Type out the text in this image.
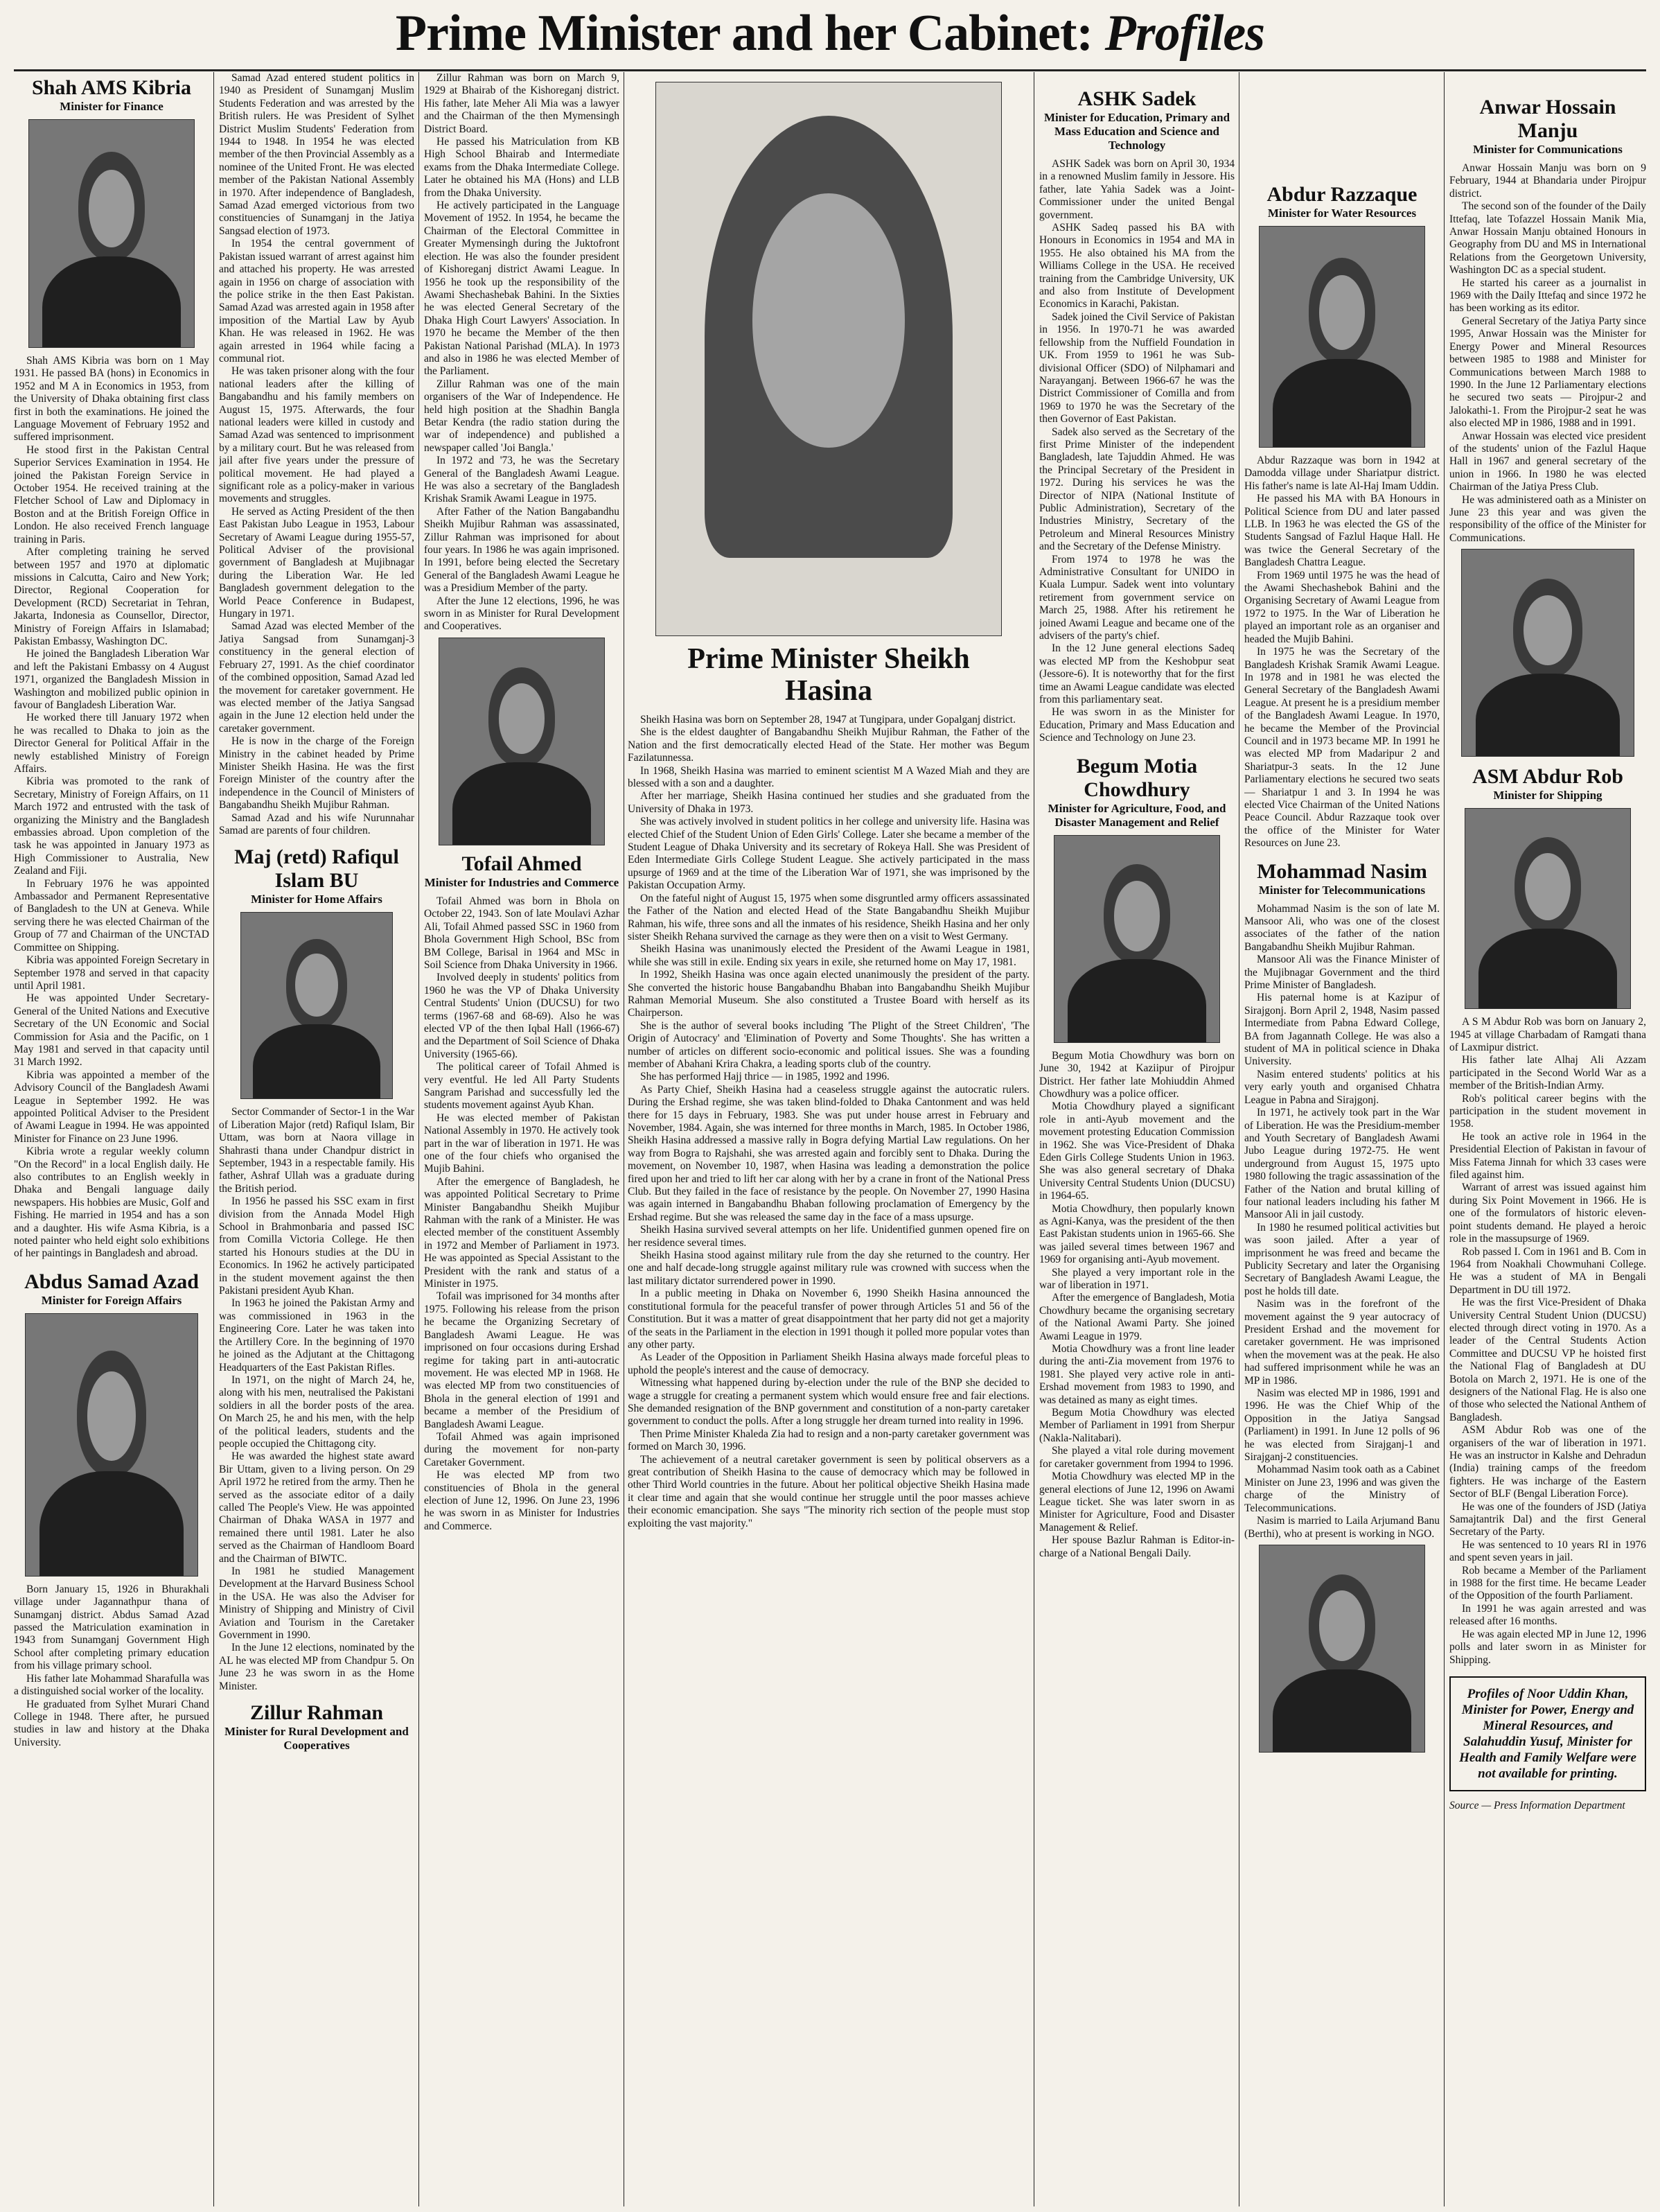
Prime Minister and her Cabinet: Profiles
Shah AMS Kibria
Minister for Finance

Shah AMS Kibria was born on 1 May 1931. He passed BA (hons) in Economics in 1952 and M A in Economics in 1953, from the University of Dhaka obtaining first class first in both the examinations. He joined the Language Movement of February 1952 and suffered imprisonment.

He stood first in the Pakistan Central Superior Services Examination in 1954. He joined the Pakistan Foreign Service in October 1954. He received training at the Fletcher School of Law and Diplomacy in Boston and at the British Foreign Office in London. He also received French language training in Paris.

After completing training he served between 1957 and 1970 at diplomatic missions in Calcutta, Cairo and New York; Director, Regional Cooperation for Development (RCD) Secretariat in Tehran, Jakarta, Indonesia as Counsellor, Director, Ministry of Foreign Affairs in Islamabad; Pakistan Embassy, Washington DC.

He joined the Bangladesh Liberation War and left the Pakistani Embassy on 4 August 1971, organized the Bangladesh Mission in Washington and mobilized public opinion in favour of Bangladesh Liberation War.

He worked there till January 1972 when he was recalled to Dhaka to join as the Director General for Political Affair in the newly established Ministry of Foreign Affairs.

Kibria was promoted to the rank of Secretary, Ministry of Foreign Affairs, on 11 March 1972 and entrusted with the task of organizing the Ministry and the Bangladesh embassies abroad. Upon completion of the task he was appointed in January 1973 as High Commissioner to Australia, New Zealand and Fiji.

In February 1976 he was appointed Ambassador and Permanent Representative of Bangladesh to the UN at Geneva. While serving there he was elected Chairman of the Group of 77 and Chairman of the UNCTAD Committee on Shipping.

Kibria was appointed Foreign Secretary in September 1978 and served in that capacity until April 1981.

He was appointed Under Secretary-General of the United Nations and Executive Secretary of the UN Economic and Social Commission for Asia and the Pacific, on 1 May 1981 and served in that capacity until 31 March 1992.

Kibria was appointed a member of the Advisory Council of the Bangladesh Awami League in September 1992. He was appointed Political Adviser to the President of Awami League in 1994. He was appointed Minister for Finance on 23 June 1996.

Kibria wrote a regular weekly column "On the Record" in a local English daily. He also contributes to an English weekly in Dhaka and Bengali language daily newspapers. His hobbies are Music, Golf and Fishing. He married in 1954 and has a son and a daughter. His wife Asma Kibria, is a noted painter who held eight solo exhibitions of her paintings in Bangladesh and abroad.

Abdus Samad Azad
Minister for Foreign Affairs

Born January 15, 1926 in Bhurakhali village under Jagannathpur thana of Sunamganj district. Abdus Samad Azad passed the Matriculation examination in 1943 from Sunamganj Government High School after completing primary education from his village primary school.

His father late Mohammad Sharafulla was a distinguished social worker of the locality.

He graduated from Sylhet Murari Chand College in 1948. There after, he pursued studies in law and history at the Dhaka University.

Samad Azad entered student politics in 1940 as President of Sunamganj Muslim Students Federation and was arrested by the British rulers. He was President of Sylhet District Muslim Students' Federation from 1944 to 1948. In 1954 he was elected member of the then Provincial Assembly as a nominee of the United Front. He was elected member of the Pakistan National Assembly in 1970. After independence of Bangladesh, Samad Azad emerged victorious from two constituencies of Sunamganj in the Jatiya Sangsad election of 1973.

In 1954 the central government of Pakistan issued warrant of arrest against him and attached his property. He was arrested again in 1956 on charge of association with the police strike in the then East Pakistan. Samad Azad was arrested again in 1958 after imposition of the Martial Law by Ayub Khan. He was released in 1962. He was again arrested in 1964 while facing a communal riot.

He was taken prisoner along with the four national leaders after the killing of Bangabandhu and his family members on August 15, 1975. Afterwards, the four national leaders were killed in custody and Samad Azad was sentenced to imprisonment by a military court. But he was released from jail after five years under the pressure of political movement. He had played a significant role as a policy-maker in various movements and struggles.

He served as Acting President of the then East Pakistan Jubo League in 1953, Labour Secretary of Awami League during 1955-57, Political Adviser of the provisional government of Bangladesh at Mujibnagar during the Liberation War. He led Bangladesh government delegation to the World Peace Conference in Budapest, Hungary in 1971.

Samad Azad was elected Member of the Jatiya Sangsad from Sunamganj-3 constituency in the general election of February 27, 1991. As the chief coordinator of the combined opposition, Samad Azad led the movement for caretaker government. He was elected member of the Jatiya Sangsad again in the June 12 election held under the caretaker government.

He is now in the charge of the Foreign Ministry in the cabinet headed by Prime Minister Sheikh Hasina. He was the first Foreign Minister of the country after the independence in the Council of Ministers of Bangabandhu Sheikh Mujibur Rahman.

Samad Azad and his wife Nurunnahar Samad are parents of four children.

Maj (retd) Rafiqul Islam BU
Minister for Home Affairs

Sector Commander of Sector-1 in the War of Liberation Major (retd) Rafiqul Islam, Bir Uttam, was born at Naora village in Shahrasti thana under Chandpur district in September, 1943 in a respectable family. His father, Ashraf Ullah was a graduate during the British period.

In 1956 he passed his SSC exam in first division from the Annada Model High School in Brahmonbaria and passed ISC from Comilla Victoria College. He then started his Honours studies at the DU in Economics. In 1962 he actively participated in the student movement against the then Pakistani president Ayub Khan.

In 1963 he joined the Pakistan Army and was commissioned in 1963 in the Engineering Core. Later he was taken into the Artillery Core. In the beginning of 1970 he joined as the Adjutant at the Chittagong Headquarters of the East Pakistan Rifles.

In 1971, on the night of March 24, he, along with his men, neutralised the Pakistani soldiers in all the border posts of the area. On March 25, he and his men, with the help of the political leaders, students and the people occupied the Chittagong city.

He was awarded the highest state award Bir Uttam, given to a living person. On 29 April 1972 he retired from the army. Then he served as the associate editor of a daily called The People's View. He was appointed Chairman of Dhaka WASA in 1977 and remained there until 1981. Later he also served as the Chairman of Handloom Board and the Chairman of BIWTC.

In 1981 he studied Management Development at the Harvard Business School in the USA. He was also the Adviser for Ministry of Shipping and Ministry of Civil Aviation and Tourism in the Caretaker Government in 1990.

In the June 12 elections, nominated by the AL he was elected MP from Chandpur 5. On June 23 he was sworn in as the Home Minister.

Zillur Rahman
Minister for Rural Development and Cooperatives

Zillur Rahman was born on March 9, 1929 at Bhairab of the Kishoreganj district. His father, late Meher Ali Mia was a lawyer and the Chairman of the then Mymensingh District Board.

He passed his Matriculation from KB High School Bhairab and Intermediate exams from the Dhaka Intermediate College. Later he obtained his MA (Hons) and LLB from the Dhaka University.

He actively participated in the Language Movement of 1952. In 1954, he became the Chairman of the Electoral Committee in Greater Mymensingh during the Juktofront election. He was also the founder president of Kishoreganj district Awami League. In 1956 he took up the responsibility of the Awami Shechashebak Bahini. In the Sixties he was elected General Secretary of the Dhaka High Court Lawyers' Association. In 1970 he became the Member of the then Pakistan National Parishad (MLA). In 1973 and also in 1986 he was elected Member of the Parliament.

Zillur Rahman was one of the main organisers of the War of Independence. He held high position at the Shadhin Bangla Betar Kendra (the radio station during the war of independence) and published a newspaper called 'Joi Bangla.'

In 1972 and '73, he was the Secretary General of the Bangladesh Awami League. He was also a secretary of the Bangladesh Krishak Sramik Awami League in 1975.

After Father of the Nation Bangabandhu Sheikh Mujibur Rahman was assassinated, Zillur Rahman was imprisoned for about four years. In 1986 he was again imprisoned. In 1991, before being elected the Secretary General of the Bangladesh Awami League he was a Presidium Member of the party.

After the June 12 elections, 1996, he was sworn in as Minister for Rural Development and Cooperatives.

Tofail Ahmed
Minister for Industries and Commerce

Tofail Ahmed was born in Bhola on October 22, 1943. Son of late Moulavi Azhar Ali, Tofail Ahmed passed SSC in 1960 from Bhola Government High School, BSc from BM College, Barisal in 1964 and MSc in Soil Science from Dhaka University in 1966.

Involved deeply in students' politics from 1960 he was the VP of Dhaka University Central Students' Union (DUCSU) for two terms (1967-68 and 68-69). Also he was elected VP of the then Iqbal Hall (1966-67) and the Department of Soil Science of Dhaka University (1965-66).

The political career of Tofail Ahmed is very eventful. He led All Party Students Sangram Parishad and successfully led the students movement against Ayub Khan.

He was elected member of Pakistan National Assembly in 1970. He actively took part in the war of liberation in 1971. He was one of the four chiefs who organised the Mujib Bahini.

After the emergence of Bangladesh, he was appointed Political Secretary to Prime Minister Bangabandhu Sheikh Mujibur Rahman with the rank of a Minister. He was elected member of the constituent Assembly in 1972 and Member of Parliament in 1973. He was appointed as Special Assistant to the President with the rank and status of a Minister in 1975.

Tofail was imprisoned for 34 months after 1975. Following his release from the prison he became the Organizing Secretary of Bangladesh Awami League. He was imprisoned on four occasions during Ershad regime for taking part in anti-autocratic movement. He was elected MP in 1968. He was elected MP from two constituencies of Bhola in the general election of 1991 and became a member of the Presidium of Bangladesh Awami League.

Tofail Ahmed was again imprisoned during the movement for non-party Caretaker Government.

He was elected MP from two constituencies of Bhola in the general election of June 12, 1996. On June 23, 1996 he was sworn in as Minister for Industries and Commerce.

Prime Minister Sheikh Hasina

Sheikh Hasina was born on September 28, 1947 at Tungipara, under Gopalganj district.

She is the eldest daughter of Bangabandhu Sheikh Mujibur Rahman, the Father of the Nation and the first democratically elected Head of the State. Her mother was Begum Fazilatunnessa.

In 1968, Sheikh Hasina was married to eminent scientist M A Wazed Miah and they are blessed with a son and a daughter.

After her marriage, Sheikh Hasina continued her studies and she graduated from the University of Dhaka in 1973.

She was actively involved in student politics in her college and university life. Hasina was elected Chief of the Student Union of Eden Girls' College. Later she became a member of the Student League of Dhaka University and its secretary of Rokeya Hall. She was President of Eden Intermediate Girls College Student League. She actively participated in the mass upsurge of 1969 and at the time of the Liberation War of 1971, she was imprisoned by the Pakistan Occupation Army.

On the fateful night of August 15, 1975 when some disgruntled army officers assassinated the Father of the Nation and elected Head of the State Bangabandhu Sheikh Mujibur Rahman, his wife, three sons and all the inmates of his residence, Sheikh Hasina and her only sister Sheikh Rehana survived the carnage as they were then on a visit to West Germany.

Sheikh Hasina was unanimously elected the President of the Awami League in 1981, while she was still in exile. Ending six years in exile, she returned home on May 17, 1981.

In 1992, Sheikh Hasina was once again elected unanimously the president of the party. She converted the historic house Bangabandhu Bhaban into Bangabandhu Sheikh Mujibur Rahman Memorial Museum. She also constituted a Trustee Board with herself as its Chairperson.

She is the author of several books including 'The Plight of the Street Children', 'The Origin of Autocracy' and 'Elimination of Poverty and Some Thoughts'. She has written a number of articles on different socio-economic and political issues. She was a founding member of Abahani Krira Chakra, a leading sports club of the country.

She has performed Hajj thrice — in 1985, 1992 and 1996.

As Party Chief, Sheikh Hasina had a ceaseless struggle against the autocratic rulers. During the Ershad regime, she was taken blind-folded to Dhaka Cantonment and was held there for 15 days in February, 1983. She was put under house arrest in February and November, 1984. Again, she was interned for three months in March, 1985. In October 1986, Sheikh Hasina addressed a massive rally in Bogra defying Martial Law regulations. On her way from Bogra to Rajshahi, she was arrested again and forcibly sent to Dhaka. During the movement, on November 10, 1987, when Hasina was leading a demonstration the police fired upon her and tried to lift her car along with her by a crane in front of the National Press Club. But they failed in the face of resistance by the people. On November 27, 1990 Hasina was again interned in Bangabandhu Bhaban following proclamation of Emergency by the Ershad regime. But she was released the same day in the face of a mass upsurge.

Sheikh Hasina survived several attempts on her life. Unidentified gunmen opened fire on her residence several times.

Sheikh Hasina stood against military rule from the day she returned to the country. Her one and half decade-long struggle against military rule was crowned with success when the last military dictator surrendered power in 1990.

In a public meeting in Dhaka on November 6, 1990 Sheikh Hasina announced the constitutional formula for the peaceful transfer of power through Articles 51 and 56 of the Constitution. But it was a matter of great disappointment that her party did not get a majority of the seats in the Parliament in the election in 1991 though it polled more popular votes than any other party.

As Leader of the Opposition in Parliament Sheikh Hasina always made forceful pleas to uphold the people's interest and the cause of democracy.

Witnessing what happened during by-election under the rule of the BNP she decided to wage a struggle for creating a permanent system which would ensure free and fair elections. She demanded resignation of the BNP government and constitution of a non-party caretaker government to conduct the polls. After a long struggle her dream turned into reality in 1996.

Then Prime Minister Khaleda Zia had to resign and a non-party caretaker government was formed on March 30, 1996.

The achievement of a neutral caretaker government is seen by political observers as a great contribution of Sheikh Hasina to the cause of democracy which may be followed in other Third World countries in the future. About her political objective Sheikh Hasina made it clear time and again that she would continue her struggle until the poor masses achieve their economic emancipation. She says "The minority rich section of the people must stop exploiting the vast majority."

ASHK Sadek
Minister for Education, Primary and Mass Education and Science and Technology

ASHK Sadek was born on April 30, 1934 in a renowned Muslim family in Jessore. His father, late Yahia Sadek was a Joint-Commissioner under the united Bengal government.

ASHK Sadeq passed his BA with Honours in Economics in 1954 and MA in 1955. He also obtained his MA from the Williams College in the USA. He received training from the Cambridge University, UK and also from Institute of Development Economics in Karachi, Pakistan.

Sadek joined the Civil Service of Pakistan in 1956. In 1970-71 he was awarded fellowship from the Nuffield Foundation in UK. From 1959 to 1961 he was Sub-divisional Officer (SDO) of Nilphamari and Narayanganj. Between 1966-67 he was the District Commissioner of Comilla and from 1969 to 1970 he was the Secretary of the then Governor of East Pakistan.

Sadek also served as the Secretary of the first Prime Minister of the independent Bangladesh, late Tajuddin Ahmed. He was the Principal Secretary of the President in 1972. During his services he was the Director of NIPA (National Institute of Public Administration), Secretary of the Industries Ministry, Secretary of the Petroleum and Mineral Resources Ministry and the Secretary of the Defense Ministry.

From 1974 to 1978 he was the Administrative Consultant for UNIDO in Kuala Lumpur. Sadek went into voluntary retirement from government service on March 25, 1988. After his retirement he joined Awami League and became one of the advisers of the party's chief.

In the 12 June general elections Sadeq was elected MP from the Keshobpur seat (Jessore-6). It is noteworthy that for the first time an Awami League candidate was elected from this parliamentary seat.

He was sworn in as the Minister for Education, Primary and Mass Education and Science and Technology on June 23.

Begum Motia Chowdhury
Minister for Agriculture, Food, and Disaster Management and Relief

Begum Motia Chowdhury was born on June 30, 1942 at Kaziipur of Pirojpur District. Her father late Mohiuddin Ahmed Chowdhury was a police officer.

Motia Chowdhury played a significant role in anti-Ayub movement and the movement protesting Education Commission in 1962. She was Vice-President of Dhaka Eden Girls College Students Union in 1963. She was also general secretary of Dhaka University Central Students Union (DUCSU) in 1964-65.

Motia Chowdhury, then popularly known as Agni-Kanya, was the president of the then East Pakistan students union in 1965-66. She was jailed several times between 1967 and 1969 for organising anti-Ayub movement.

She played a very important role in the war of liberation in 1971.

After the emergence of Bangladesh, Motia Chowdhury became the organising secretary of the National Awami Party. She joined Awami League in 1979.

Motia Chowdhury was a front line leader during the anti-Zia movement from 1976 to 1981. She played very active role in anti-Ershad movement from 1983 to 1990, and was detained as many as eight times.

Begum Motia Chowdhury was elected Member of Parliament in 1991 from Sherpur (Nakla-Nalitabari).

She played a vital role during movement for caretaker government from 1994 to 1996.

Motia Chowdhury was elected MP in the general elections of June 12, 1996 on Awami League ticket. She was later sworn in as Minister for Agriculture, Food and Disaster Management & Relief.

Her spouse Bazlur Rahman is Editor-in-charge of a National Bengali Daily.

Abdur Razzaque
Minister for Water Resources

Abdur Razzaque was born in 1942 at Damodda village under Shariatpur district. His father's name is late Al-Haj Imam Uddin.

He passed his MA with BA Honours in Political Science from DU and later passed LLB. In 1963 he was elected the GS of the Students Sangsad of Fazlul Haque Hall. He was twice the General Secretary of the Bangladesh Chattra League.

From 1969 until 1975 he was the head of the Awami Shechashebok Bahini and the Organising Secretary of Awami League from 1972 to 1975. In the War of Liberation he played an important role as an organiser and headed the Mujib Bahini.

In 1975 he was the Secretary of the Bangladesh Krishak Sramik Awami League. In 1978 and in 1981 he was elected the General Secretary of the Bangladesh Awami League. At present he is a presidium member of the Bangladesh Awami League. In 1970, he became the Member of the Provincial Council and in 1973 became MP. In 1991 he was elected MP from Madaripur 2 and Shariatpur-3 seats. In the 12 June Parliamentary elections he secured two seats — Shariatpur 1 and 3. In 1994 he was elected Vice Chairman of the United Nations Peace Council. Abdur Razzaque took over the office of the Minister for Water Resources on June 23.

Mohammad Nasim
Minister for Telecommunications

Mohammad Nasim is the son of late M. Mansoor Ali, who was one of the closest associates of the father of the nation Bangabandhu Sheikh Mujibur Rahman.

Mansoor Ali was the Finance Minister of the Mujibnagar Government and the third Prime Minister of Bangladesh.

His paternal home is at Kazipur of Sirajgonj. Born April 2, 1948, Nasim passed Intermediate from Pabna Edward College, BA from Jagannath College. He was also a student of MA in political science in Dhaka University.

Nasim entered students' politics at his very early youth and organised Chhatra League in Pabna and Sirajgonj.

In 1971, he actively took part in the War of Liberation. He was the Presidium-member and Youth Secretary of Bangladesh Awami Jubo League during 1972-75. He went underground from August 15, 1975 upto 1980 following the tragic assassination of the Father of the Nation and brutal killing of four national leaders including his father M Mansoor Ali in jail custody.

In 1980 he resumed political activities but was soon jailed. After a year of imprisonment he was freed and became the Publicity Secretary and later the Organising Secretary of Bangladesh Awami League, the post he holds till date.

Nasim was in the forefront of the movement against the 9 year autocracy of President Ershad and the movement for caretaker government. He was imprisoned when the movement was at the peak. He also had suffered imprisonment while he was an MP in 1986.

Nasim was elected MP in 1986, 1991 and 1996. He was the Chief Whip of the Opposition in the Jatiya Sangsad (Parliament) in 1991. In June 12 polls of 96 he was elected from Sirajganj-1 and Sirajganj-2 constituencies.

Mohammad Nasim took oath as a Cabinet Minister on June 23, 1996 and was given the charge of the Ministry of Telecommunications.

Nasim is married to Laila Arjumand Banu (Berthi), who at present is working in NGO.

Anwar Hossain Manju
Minister for Communications

Anwar Hossain Manju was born on 9 February, 1944 at Bhandaria under Pirojpur district.

The second son of the founder of the Daily Ittefaq, late Tofazzel Hossain Manik Mia, Anwar Hossain Manju obtained Honours in Geography from DU and MS in International Relations from the Georgetown University, Washington DC as a special student.

He started his career as a journalist in 1969 with the Daily Ittefaq and since 1972 he has been working as its editor.

General Secretary of the Jatiya Party since 1995, Anwar Hossain was the Minister for Energy Power and Mineral Resources between 1985 to 1988 and Minister for Communications between March 1988 to 1990. In the June 12 Parliamentary elections he secured two seats — Pirojpur-2 and Jalokathi-1. From the Pirojpur-2 seat he was also elected MP in 1986, 1988 and in 1991.

Anwar Hossain was elected vice president of the students' union of the Fazlul Haque Hall in 1967 and general secretary of the union in 1966. In 1980 he was elected Chairman of the Jatiya Press Club.

He was administered oath as a Minister on June 23 this year and was given the responsibility of the office of the Minister for Communications.

ASM Abdur Rob
Minister for Shipping

A S M Abdur Rob was born on January 2, 1945 at village Charbadam of Ramgati thana of Laxmipur district.

His father late Alhaj Ali Azzam participated in the Second World War as a member of the British-Indian Army.

Rob's political career begins with the participation in the student movement in 1958.

He took an active role in 1964 in the Presidential Election of Pakistan in favour of Miss Fatema Jinnah for which 33 cases were filed against him.

Warrant of arrest was issued against him during Six Point Movement in 1966. He is one of the formulators of historic eleven-point students demand. He played a heroic role in the massupsurge of 1969.

Rob passed I. Com in 1961 and B. Com in 1964 from Noakhali Chowmuhani College. He was a student of MA in Bengali Department in DU till 1972.

He was the first Vice-President of Dhaka University Central Student Union (DUCSU) elected through direct voting in 1970. As a leader of the Central Students Action Committee and DUCSU VP he hoisted first the National Flag of Bangladesh at DU Botola on March 2, 1971. He is one of the designers of the National Flag. He is also one of those who selected the National Anthem of Bangladesh.

ASM Abdur Rob was one of the organisers of the war of liberation in 1971. He was an instructor in Kalshe and Dehradun (India) training camps of the freedom fighters. He was incharge of the Eastern Sector of BLF (Bengal Liberation Force).

He was one of the founders of JSD (Jatiya Samajtantrik Dal) and the first General Secretary of the Party.

He was sentenced to 10 years RI in 1976 and spent seven years in jail.

Rob became a Member of the Parliament in 1988 for the first time. He became Leader of the Opposition of the fourth Parliament.

In 1991 he was again arrested and was released after 16 months.

He was again elected MP in June 12, 1996 polls and later sworn in as Minister for Shipping.

Profiles of Noor Uddin Khan, Minister for Power, Energy and Mineral Resources, and Salahuddin Yusuf, Minister for Health and Family Welfare were not available for printing.

Source — Press Information Department
